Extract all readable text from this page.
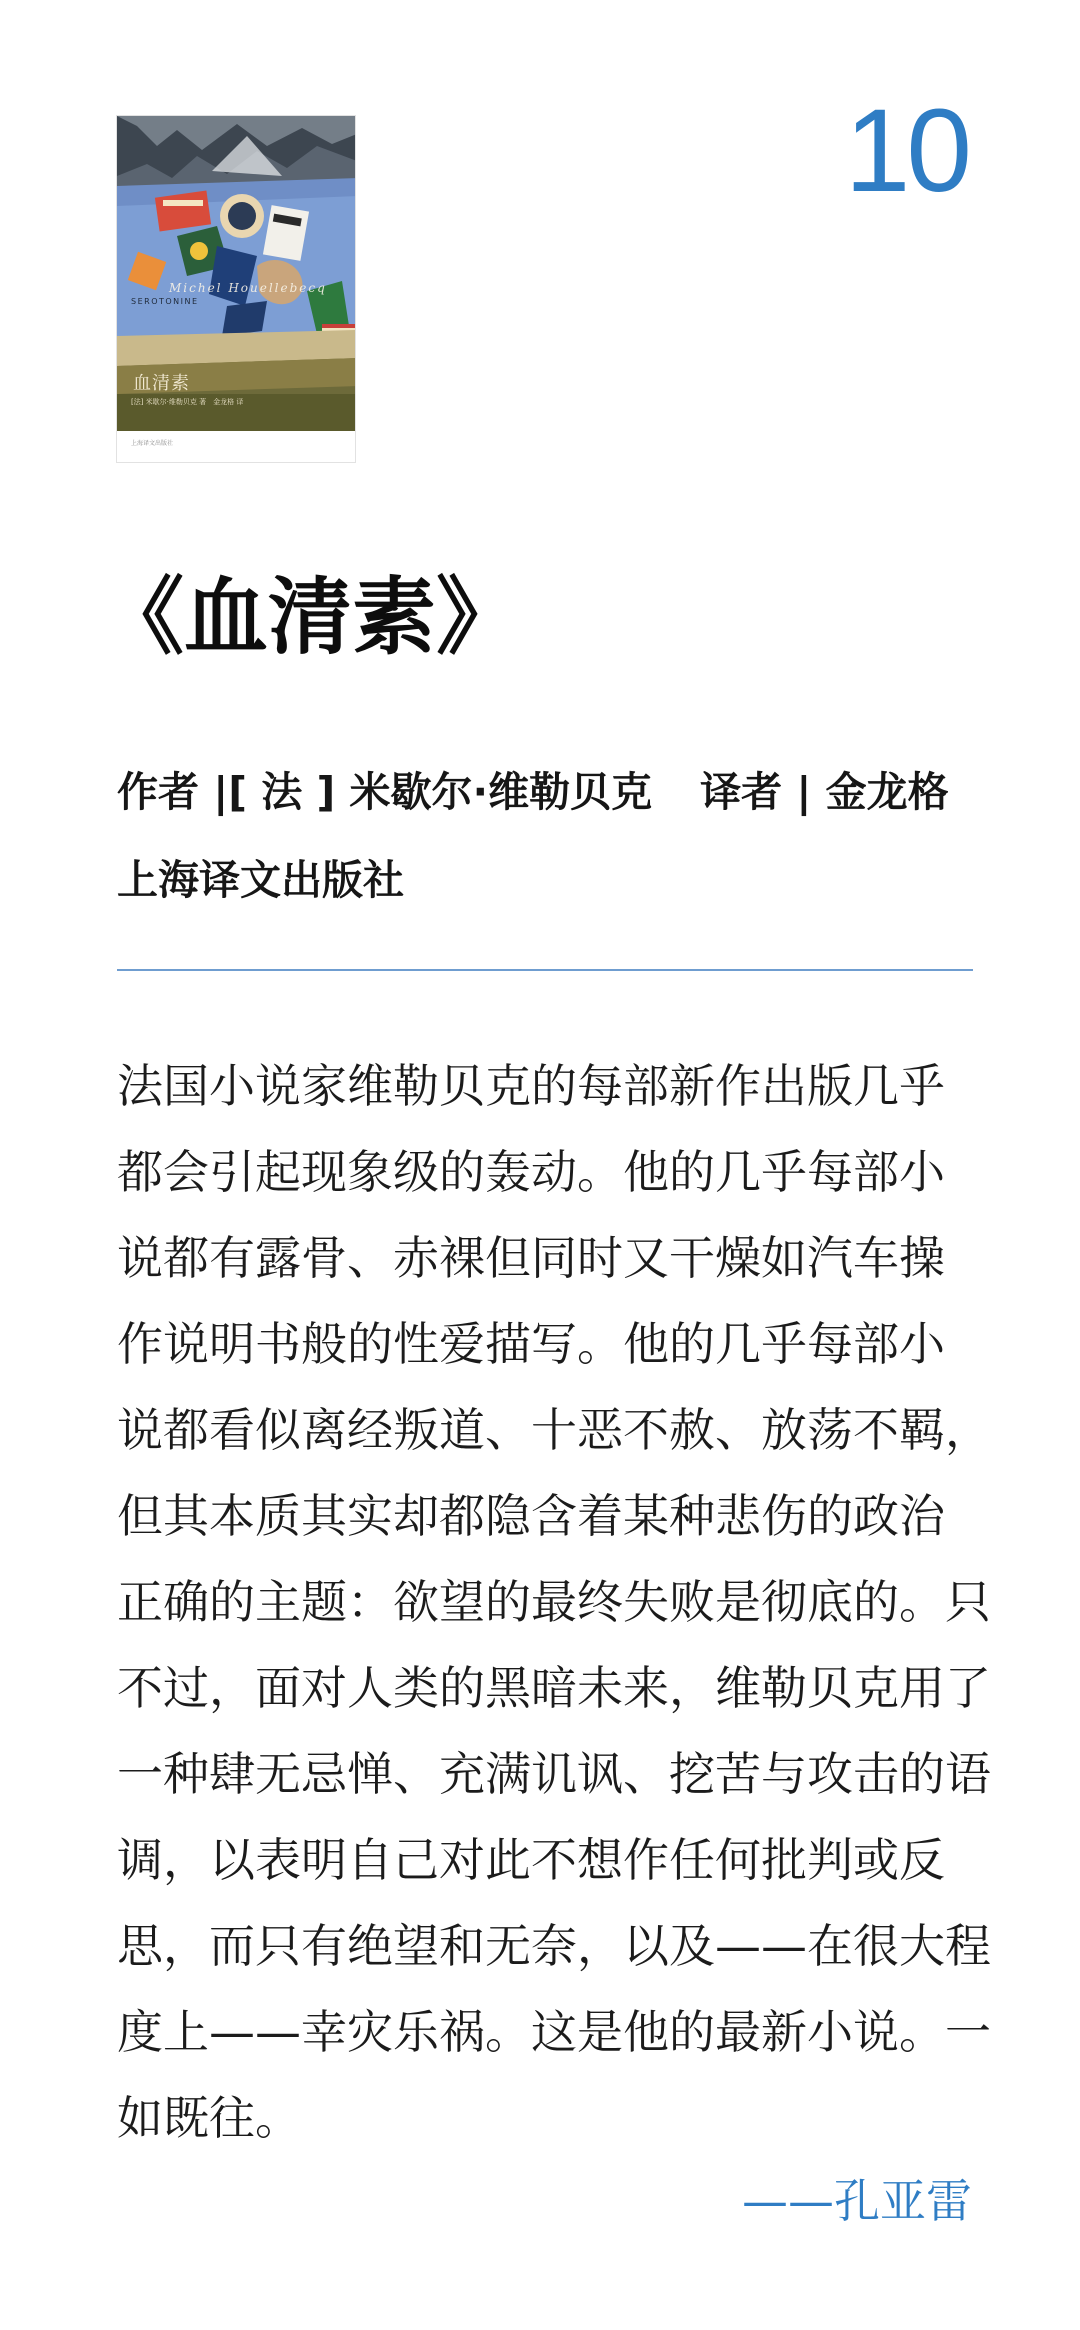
Michel Houellebecq
SEROTONINE
血清素
[法] 米歇尔·维勒贝克 著　金龙格 译
上海译文出版社
10
《血清素》
作者 |[ 法 ] 米歇尔·维勒贝克 译者 | 金龙格
上海译文出版社
法国小说家维勒贝克的每部新作出版几乎
都会引起现象级的轰动。他的几乎每部小
说都有露骨、赤裸但同时又干燥如汽车操
作说明书般的性爱描写。他的几乎每部小
说都看似离经叛道、十恶不赦、放荡不羁，
但其本质其实却都隐含着某种悲伤的政治
正确的主题：欲望的最终失败是彻底的。只
不过，面对人类的黑暗未来，维勒贝克用了
一种肆无忌惮、充满讥讽、挖苦与攻击的语
调，以表明自己对此不想作任何批判或反
思，而只有绝望和无奈，以及——在很大程
度上——幸灾乐祸。这是他的最新小说。一
如既往。
——孔亚雷
